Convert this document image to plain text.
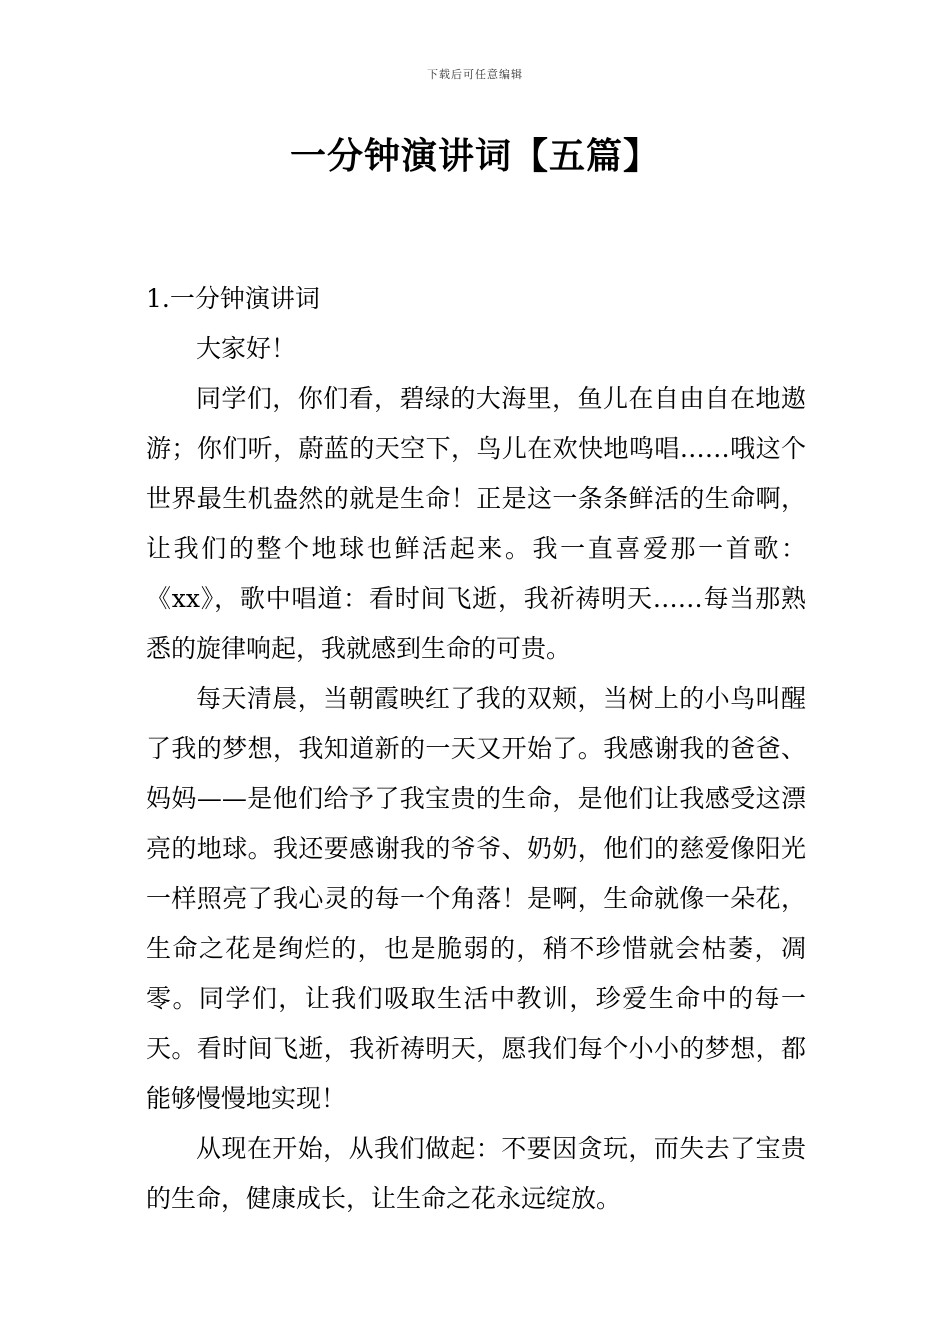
下载后可任意编辑
一分钟演讲词【五篇】

1.一分钟演讲词

大家好！

同学们，你们看，碧绿的大海里，鱼儿在自由自在地遨游；你们听，蔚蓝的天空下，鸟儿在欢快地鸣唱……哦这个世界最生机盎然的就是生命！正是这一条条鲜活的生命啊，让我们的整个地球也鲜活起来。我一直喜爱那一首歌：《xx》，歌中唱道：看时间飞逝，我祈祷明天……每当那熟悉的旋律响起，我就感到生命的可贵。

每天清晨，当朝霞映红了我的双颊，当树上的小鸟叫醒了我的梦想，我知道新的一天又开始了。我感谢我的爸爸、妈妈——是他们给予了我宝贵的生命，是他们让我感受这漂亮的地球。我还要感谢我的爷爷、奶奶，他们的慈爱像阳光一样照亮了我心灵的每一个角落！是啊，生命就像一朵花，生命之花是绚烂的，也是脆弱的，稍不珍惜就会枯萎，凋零。同学们，让我们吸取生活中教训，珍爱生命中的每一天。看时间飞逝，我祈祷明天，愿我们每个小小的梦想，都能够慢慢地实现！

从现在开始，从我们做起：不要因贪玩，而失去了宝贵的生命，健康成长，让生命之花永远绽放。
